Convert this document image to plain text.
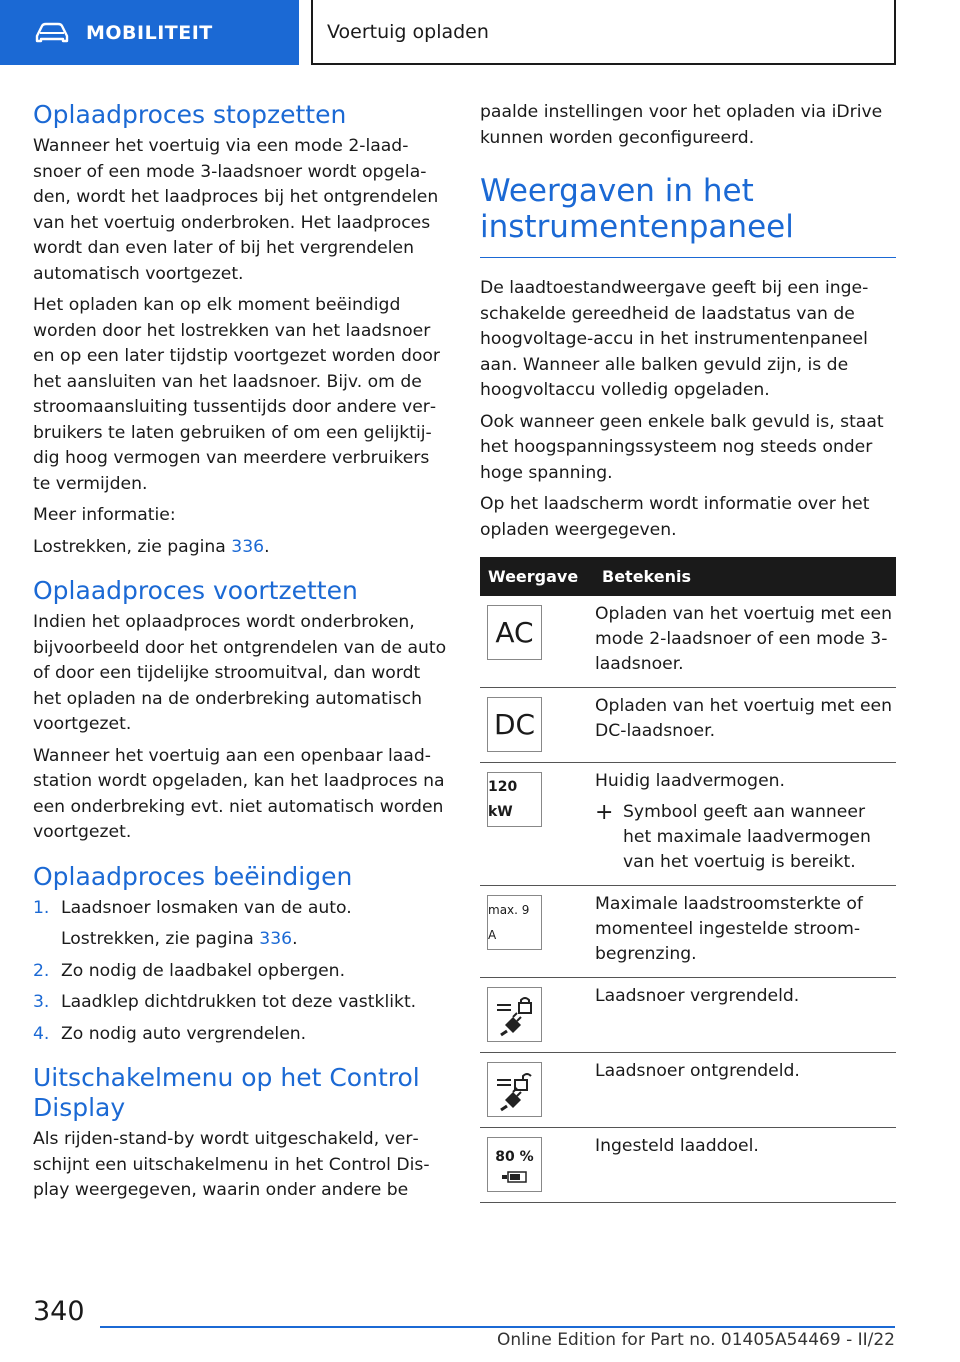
MOBILITEIT	Voertuig opladen
Oplaadproces stopzetten

Wanneer het voertuig via een mode 2-laadsnoer of een mode 3-laadsnoer wordt opgeladen, wordt het laadproces bij het ontgrendelen van het voertuig onderbroken. Het laadproces wordt dan even later of bij het vergrendelen automatisch voortgezet.

Het opladen kan op elk moment beëindigd worden door het lostrekken van het laadsnoer en op een later tijdstip voortgezet worden door het aansluiten van het laadsnoer. Bijv. om de stroomaansluiting tussentijds door andere verbruikers te laten gebruiken of om een gelijktijdig hoog vermogen van meerdere verbruikers te vermijden.

Meer informatie:

Lostrekken, zie pagina 336.

Oplaadproces voortzetten

Indien het oplaadproces wordt onderbroken, bijvoorbeeld door het ontgrendelen van de auto of door een tijdelijke stroomuitval, dan wordt het opladen na de onderbreking automatisch voortgezet.

Wanneer het voertuig aan een openbaar laadstation wordt opgeladen, kan het laadproces na een onderbreking evt. niet automatisch worden voortgezet.

Oplaadproces beëindigen
1. Laadsnoer losmaken van de auto.
Lostrekken, zie pagina 336.
2. Zo nodig de laadbakel opbergen.
3. Laadklep dichtdrukken tot deze vastklikt.
4. Zo nodig auto vergrendelen.
Uitschakelmenu op het Control Display

Als rijden-stand-by wordt uitgeschakeld, verschijnt een uitschakelmenu in het Control Display weergegeven, waarin onder andere be

paalde instellingen voor het opladen via iDrive kunnen worden geconfigureerd.

Weergaven in het instrumentenpaneel

De laadtoestandweergave geeft bij een ingeschakelde gereedheid de laadstatus van de hoogvoltage-accu in het instrumentenpaneel aan. Wanneer alle balken gevuld zijn, is de hoogvoltaccu volledig opgeladen.

Ook wanneer geen enkele balk gevuld is, staat het hoogspanningssysteem nog steeds onder hoge spanning.

Op het laadscherm wordt informatie over het opladen weergegeven.

Weergave	Betekenis

AC	Opladen van het voertuig met een mode 2-laadsnoer of een mode 3-laadsnoer.

DC	Opladen van het voertuig met een DC-laadsnoer.

120 kW	Huidig laadvermogen.
+ Symbool geeft aan wanneer het maximale laadvermogen van het voertuig is bereikt.

max. 9 A	Maximale laadstroomsterkte of momenteel ingestelde stroombegrenzing.

	Laadsnoer vergrendeld.

	Laadsnoer ontgrendeld.

80 %	Ingesteld laaddoel.
340
Online Edition for Part no. 01405A54469 - II/22
